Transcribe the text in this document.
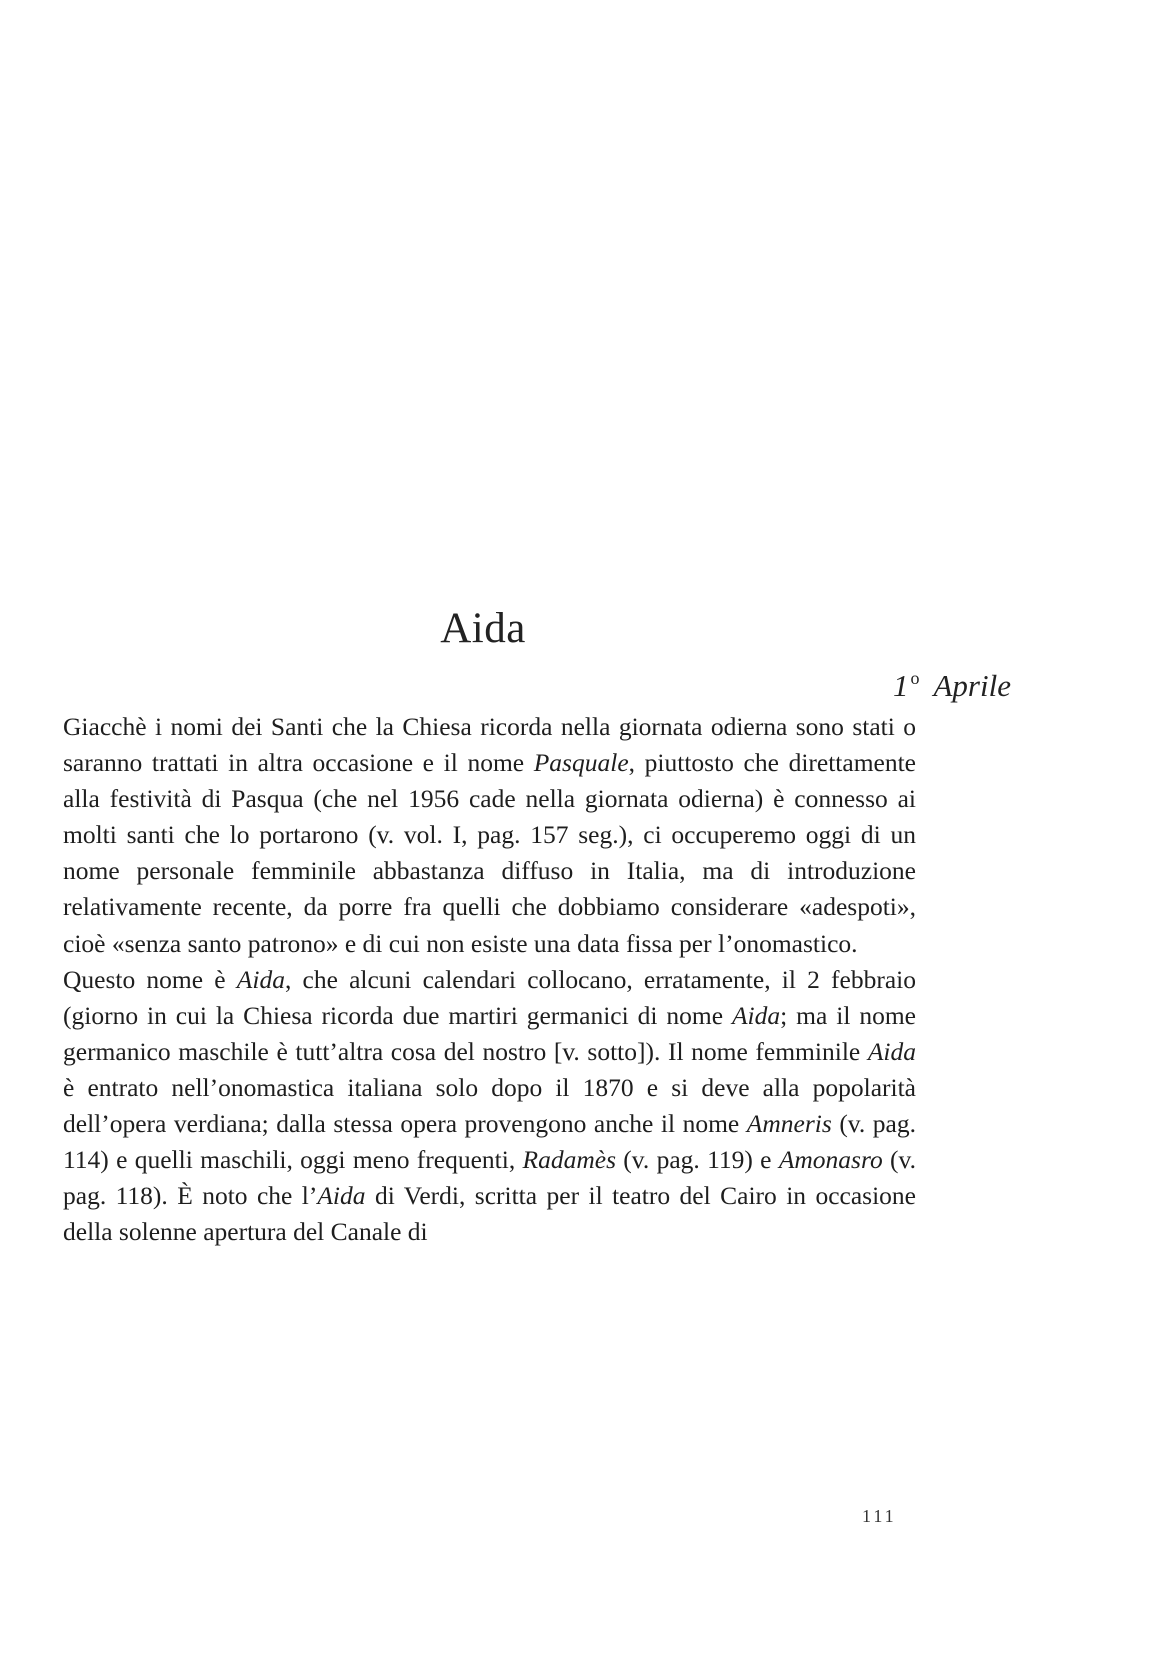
Aida
1 $^o$ Aprile

Giacchè i nomi dei Santi che la Chiesa ricorda nella giornata odierna sono stati o saranno trattati in altra occasione e il nome Pasquale, piuttosto che direttamente alla festività di Pasqua (che nel 1956 cade nella giornata odierna) è connesso ai molti santi che lo portarono (v. vol. I, pag. 157 seg.), ci occuperemo oggi di un nome personale femminile abbastanza diffuso in Italia, ma di introduzione relativamente recente, da porre fra quelli che dobbiamo considerare «adespoti», cioè «senza santo patrono» e di cui non esiste una data fissa per l’onomastico.

Questo nome è Aida, che alcuni calendari collocano, erratamente, il 2 febbraio (giorno in cui la Chiesa ricorda due martiri germanici di nome Aida; ma il nome germanico maschile è tutt’altra cosa del nostro [v. sotto]). Il nome femminile Aida è entrato nell’onomastica italiana solo dopo il 1870 e si deve alla popolarità dell’opera verdiana; dalla stessa opera provengono anche il nome Amneris (v. pag. 114) e quelli maschili, oggi meno frequenti, Radamès (v. pag. 119) e Amonasro (v. pag. 118). È noto che l’Aida di Verdi, scritta per il teatro del Cairo in occasione della solenne apertura del Canale di

111
